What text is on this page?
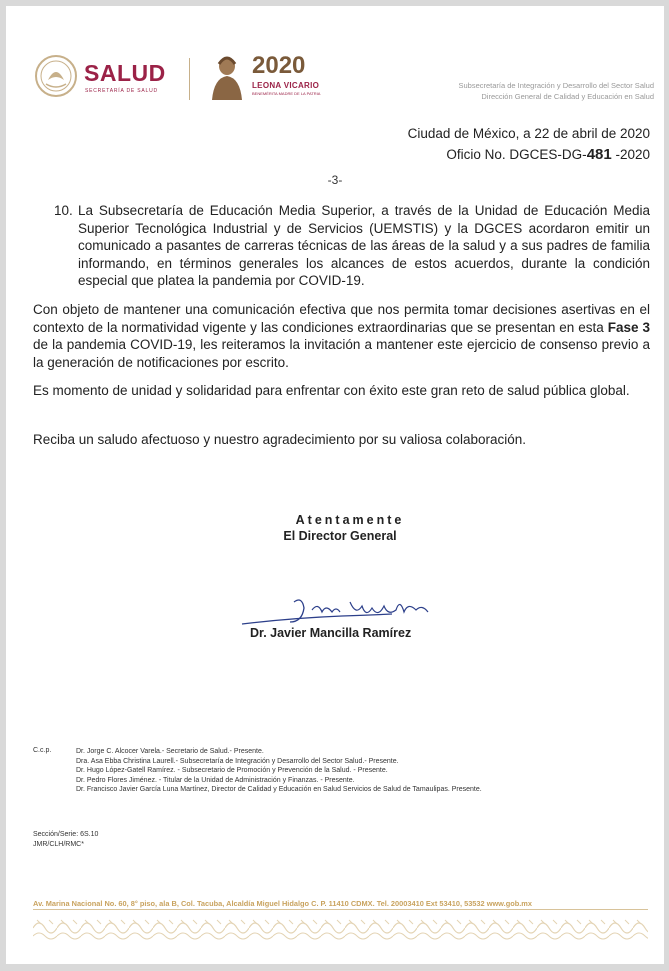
SALUD
SECRETARÍA DE SALUD
2020
LEONA VICARIO
BENEMÉRITA MADRE DE LA PATRIA
Subsecretaría de Integración y Desarrollo del Sector Salud
Dirección General de Calidad y Educación en Salud
Ciudad de México, a 22 de abril de 2020
Oficio No. DGCES-DG-481 -2020
-3-
10. La Subsecretaría de Educación Media Superior, a través de la Unidad de Educación Media Superior Tecnológica Industrial y de Servicios (UEMSTIS) y la DGCES acordaron emitir un comunicado a pasantes de carreras técnicas de las áreas de la salud y a sus padres de familia informando, en términos generales los alcances de estos acuerdos, durante la condición especial que platea la pandemia por COVID-19.

Con objeto de mantener una comunicación efectiva que nos permita tomar decisiones asertivas en el contexto de la normatividad vigente y las condiciones extraordinarias que se presentan en esta Fase 3 de la pandemia COVID-19, les reiteramos la invitación a mantener este ejercicio de consenso previo a la generación de notificaciones por escrito.

Es momento de unidad y solidaridad para enfrentar con éxito este gran reto de salud pública global.

Reciba un saludo afectuoso y nuestro agradecimiento por su valiosa colaboración.

Atentamente
El Director General
Dr. Javier Mancilla Ramírez
C.c.p.	Dr. Jorge C. Alcocer Varela.- Secretario de Salud.- Presente.
Dra. Asa Ebba Christina Laurell.- Subsecretaría de Integración y Desarrollo del Sector Salud.- Presente.
Dr. Hugo López-Gatell Ramírez. - Subsecretario de Promoción y Prevención de la Salud. - Presente.
Dr. Pedro Flores Jiménez. - Titular de la Unidad de Administración y Finanzas. - Presente.
Dr. Francisco Javier García Luna Martínez, Director de Calidad y Educación en Salud Servicios de Salud de Tamaulipas. Presente.
Sección/Serie: 6S.10
JMR/CLH/RMC*
Av. Marina Nacional No. 60, 8° piso, ala B, Col. Tacuba, Alcaldía Miguel Hidalgo C. P. 11410 CDMX. Tel. 20003410 Ext 53410, 53532 www.gob.mx
